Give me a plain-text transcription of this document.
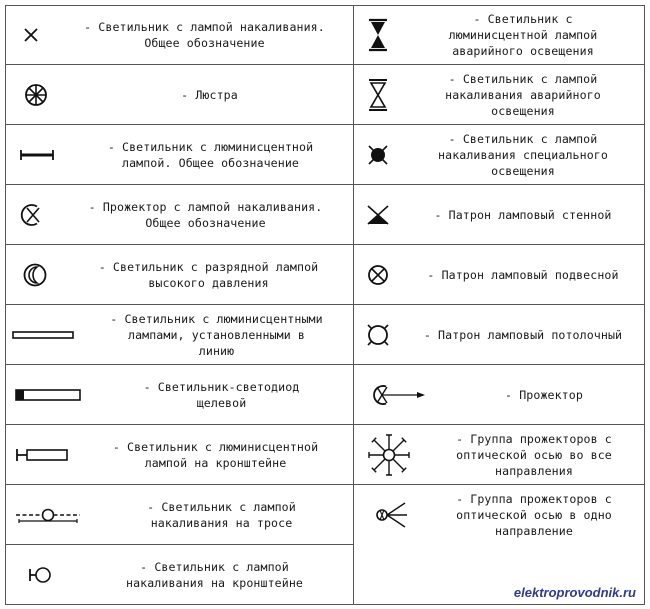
- Светильник с лампой накаливания.
Общее обозначение
- Люстра
- Светильник с люминисцентной
лампой. Общее обозначение
- Прожектор с лампой накаливания.
Общее обозначение
- Светильник с разрядной лампой
высокого давления
- Светильник с люминисцентными
лампами, установленными в
линию
- Светильник-светодиод
щелевой
- Светильник с люминисцентной
лампой на кронштейне
- Светильник с лампой
накаливания на тросе
- Светильник с лампой
накаливания на кронштейне
- Светильник с
люминисцентной лампой
аварийного освещения
- Светильник с лампой
накаливания аварийного
освещения
- Светильник с лампой
накаливания специального
освещения
- Патрон ламповый стенной
- Патрон ламповый подвесной
- Патрон ламповый потолочный
- Прожектор
- Группа прожекторов с
оптической осью во все
направления
- Группа прожекторов с
оптической осью в одно
направление
elektroprovodnik.ru
